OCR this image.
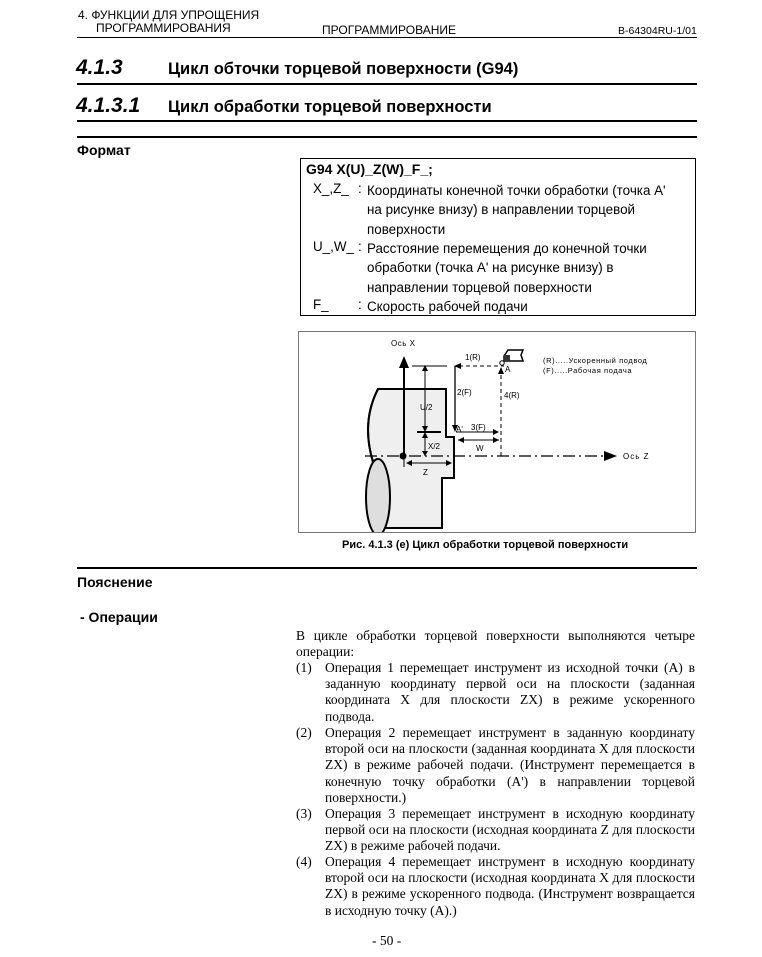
4. ФУНКЦИИ ДЛЯ УПРОЩЕНИЯ
ПРОГРАММИРОВАНИЯ	ПРОГРАММИРОВАНИЕ	B-64304RU-1/01
4.1.3	Цикл обточки торцевой поверхности (G94)
4.1.3.1 Цикл обработки торцевой поверхности
Формат
G94 X(U)_Z(W)_F_;
X_,Z_ : Координаты конечной точки обработки (точка A'
на рисунке внизу) в направлении торцевой
поверхности
U_,W_ : Расстояние перемещения до конечной точки
обработки (точка A' на рисунке внизу) в
направлении торцевой поверхности
F_ : Скорость рабочей подачи
Ось Z
Ось X
U/2
X/2
Z
1(R)
2(F)
A' 3(F)
W
4(R)
A
(R).....Ускоренный подвод
(F).....Рабочая подача
Рис. 4.1.3 (e) Цикл обработки торцевой поверхности
Пояснение
- Операции
В цикле обработки торцевой поверхности выполняются четыре операции:
(1) Операция 1 перемещает инструмент из исходной точки (A) в заданную координату первой оси на плоскости (заданная координата X для плоскости ZX) в режиме ускоренного подвода.
(2) Операция 2 перемещает инструмент в заданную координату второй оси на плоскости (заданная координата X для плоскости ZX) в режиме рабочей подачи. (Инструмент перемещается в конечную точку обработки (A') в направлении торцевой поверхности.)
(3) Операция 3 перемещает инструмент в исходную координату первой оси на плоскости (исходная координата Z для плоскости ZX) в режиме рабочей подачи.
(4) Операция 4 перемещает инструмент в исходную координату второй оси на плоскости (исходная координата X для плоскости ZX) в режиме ускоренного подвода. (Инструмент возвращается в исходную точку (A).)
- 50 -
